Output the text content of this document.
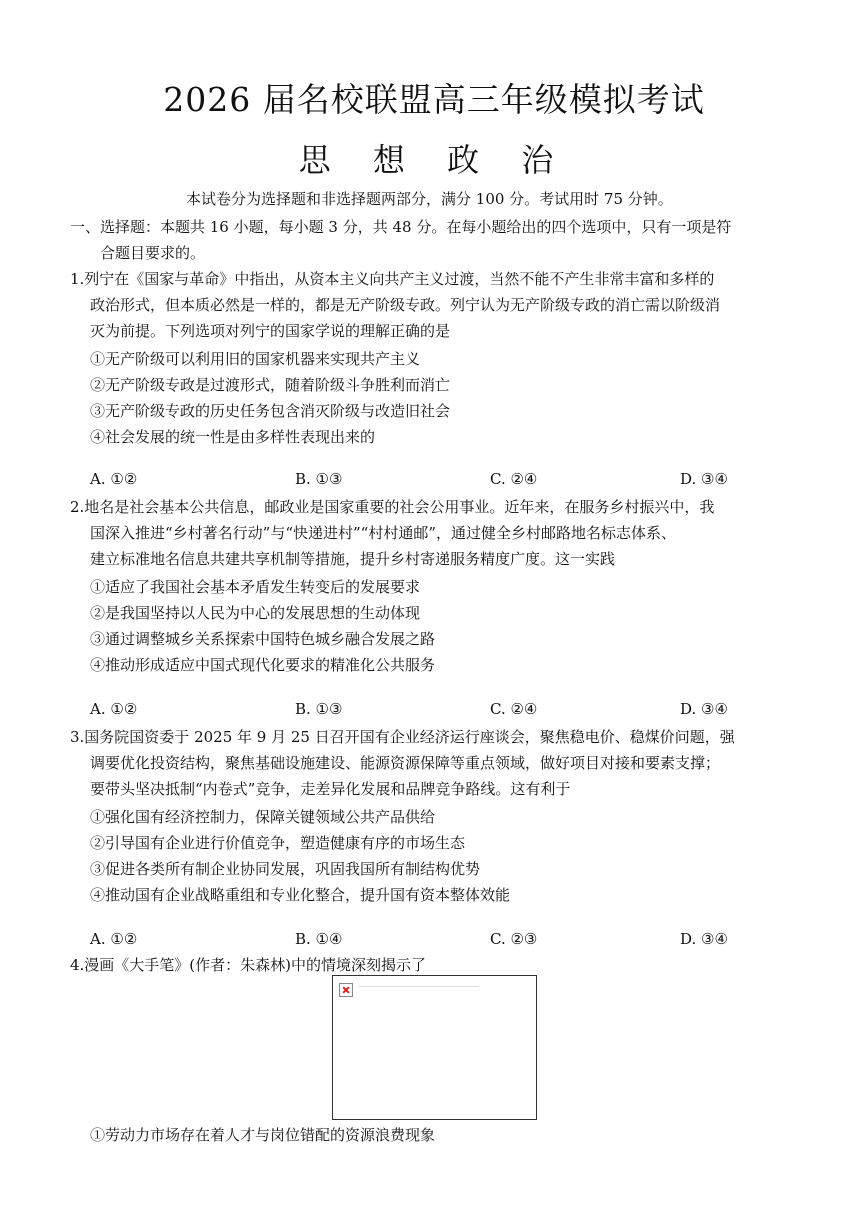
2026 届名校联盟高三年级模拟考试
思 想 政 治
本试卷分为选择题和非选择题两部分，满分 100 分。考试用时 75 分钟。
一、选择题：本题共 16 小题，每小题 3 分，共 48 分。在每小题给出的四个选项中，只有一项是符
合题目要求的。
1.列宁在《国家与革命》中指出，从资本主义向共产主义过渡，当然不能不产生非常丰富和多样的
政治形式，但本质必然是一样的，都是无产阶级专政。列宁认为无产阶级专政的消亡需以阶级消
灭为前提。下列选项对列宁的国家学说的理解正确的是
①无产阶级可以利用旧的国家机器来实现共产主义
②无产阶级专政是过渡形式，随着阶级斗争胜利而消亡
③无产阶级专政的历史任务包含消灭阶级与改造旧社会
④社会发展的统一性是由多样性表现出来的
A. ①②	B. ①③	C. ②④	D. ③④
2.地名是社会基本公共信息，邮政业是国家重要的社会公用事业。近年来，在服务乡村振兴中，我
国深入推进“乡村著名行动”与“快递进村”“村村通邮”，通过健全乡村邮路地名标志体系、
建立标准地名信息共建共享机制等措施，提升乡村寄递服务精度广度。这一实践
①适应了我国社会基本矛盾发生转变后的发展要求
②是我国坚持以人民为中心的发展思想的生动体现
③通过调整城乡关系探索中国特色城乡融合发展之路
④推动形成适应中国式现代化要求的精准化公共服务
A. ①②	B. ①③	C. ②④	D. ③④
3.国务院国资委于 2025 年 9 月 25 日召开国有企业经济运行座谈会，聚焦稳电价、稳煤价问题，强
调要优化投资结构，聚焦基础设施建设、能源资源保障等重点领域，做好项目对接和要素支撑；
要带头坚决抵制“内卷式”竞争，走差异化发展和品牌竞争路线。这有利于
①强化国有经济控制力，保障关键领域公共产品供给
②引导国有企业进行价值竞争，塑造健康有序的市场生态
③促进各类所有制企业协同发展，巩固我国所有制结构优势
④推动国有企业战略重组和专业化整合，提升国有资本整体效能
A. ①②	B. ①④	C. ②③	D. ③④
4.漫画《大手笔》(作者：朱森林)中的情境深刻揭示了
①劳动力市场存在着人才与岗位错配的资源浪费现象
